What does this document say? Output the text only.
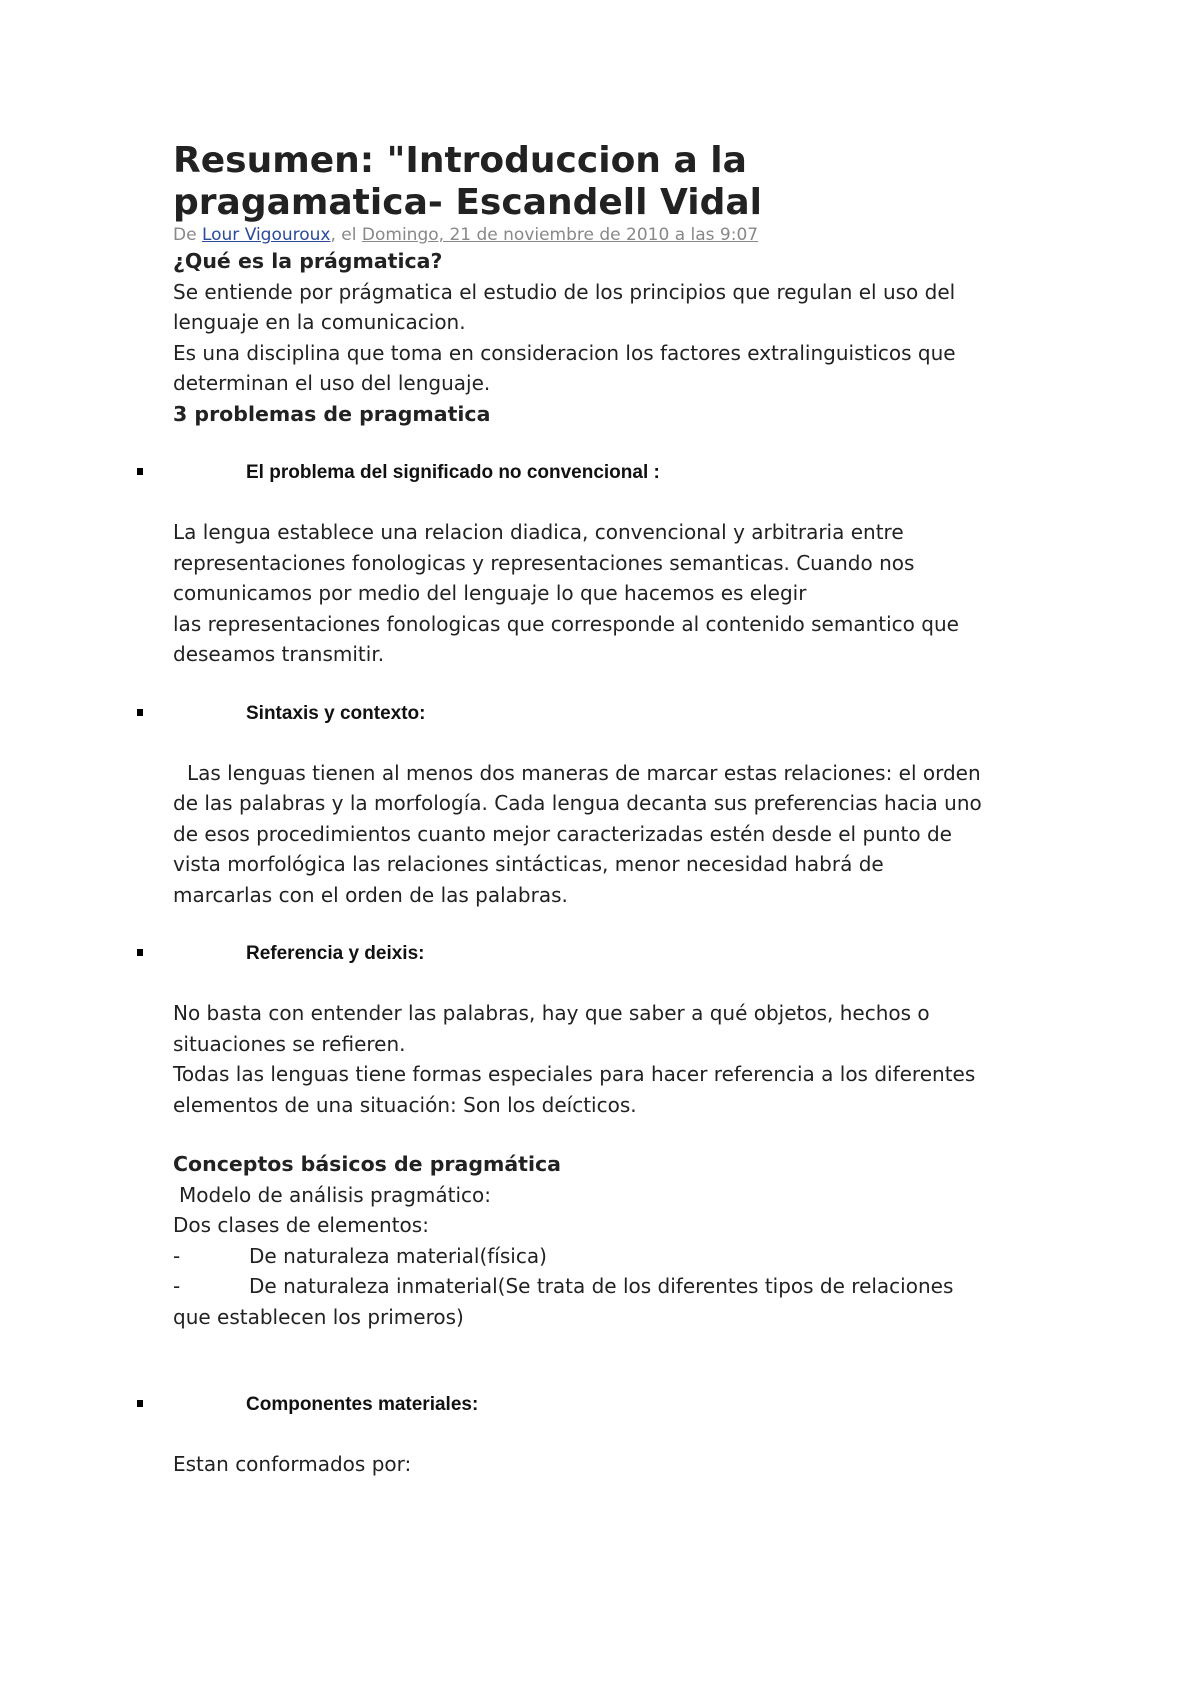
Resumen: "Introduccion a la
pragamatica- Escandell Vidal

De Lour Vigouroux, el Domingo, 21 de noviembre de 2010 a las 9:07

¿Qué es la prágmatica?

Se entiende por prágmatica el estudio de los principios que regulan el uso del

lenguaje en la comunicacion.

Es una disciplina que toma en consideracion los factores extralinguisticos que

determinan el uso del lenguaje.

3 problemas de pragmatica

El problema del significado no convencional :

La lengua establece una relacion diadica, convencional y arbitraria entre

representaciones fonologicas y representaciones semanticas. Cuando nos

comunicamos por medio del lenguaje lo que hacemos es elegir

las representaciones fonologicas que corresponde al contenido semantico que

deseamos transmitir.

Sintaxis y contexto:

Las lenguas tienen al menos dos maneras de marcar estas relaciones: el orden

de las palabras y la morfología. Cada lengua decanta sus preferencias hacia uno

de esos procedimientos cuanto mejor caracterizadas estén desde el punto de

vista morfológica las relaciones sintácticas, menor necesidad habrá de

marcarlas con el orden de las palabras.

Referencia y deixis:

No basta con entender las palabras, hay que saber a qué objetos, hechos o

situaciones se refieren.

Todas las lenguas tiene formas especiales para hacer referencia a los diferentes

elementos de una situación: Son los deícticos.

Conceptos básicos de pragmática

Modelo de análisis pragmático:

Dos clases de elementos:

-	De naturaleza material(física)

-	De naturaleza inmaterial(Se trata de los diferentes tipos de relaciones

que establecen los primeros)

Componentes materiales:

Estan conformados por:
